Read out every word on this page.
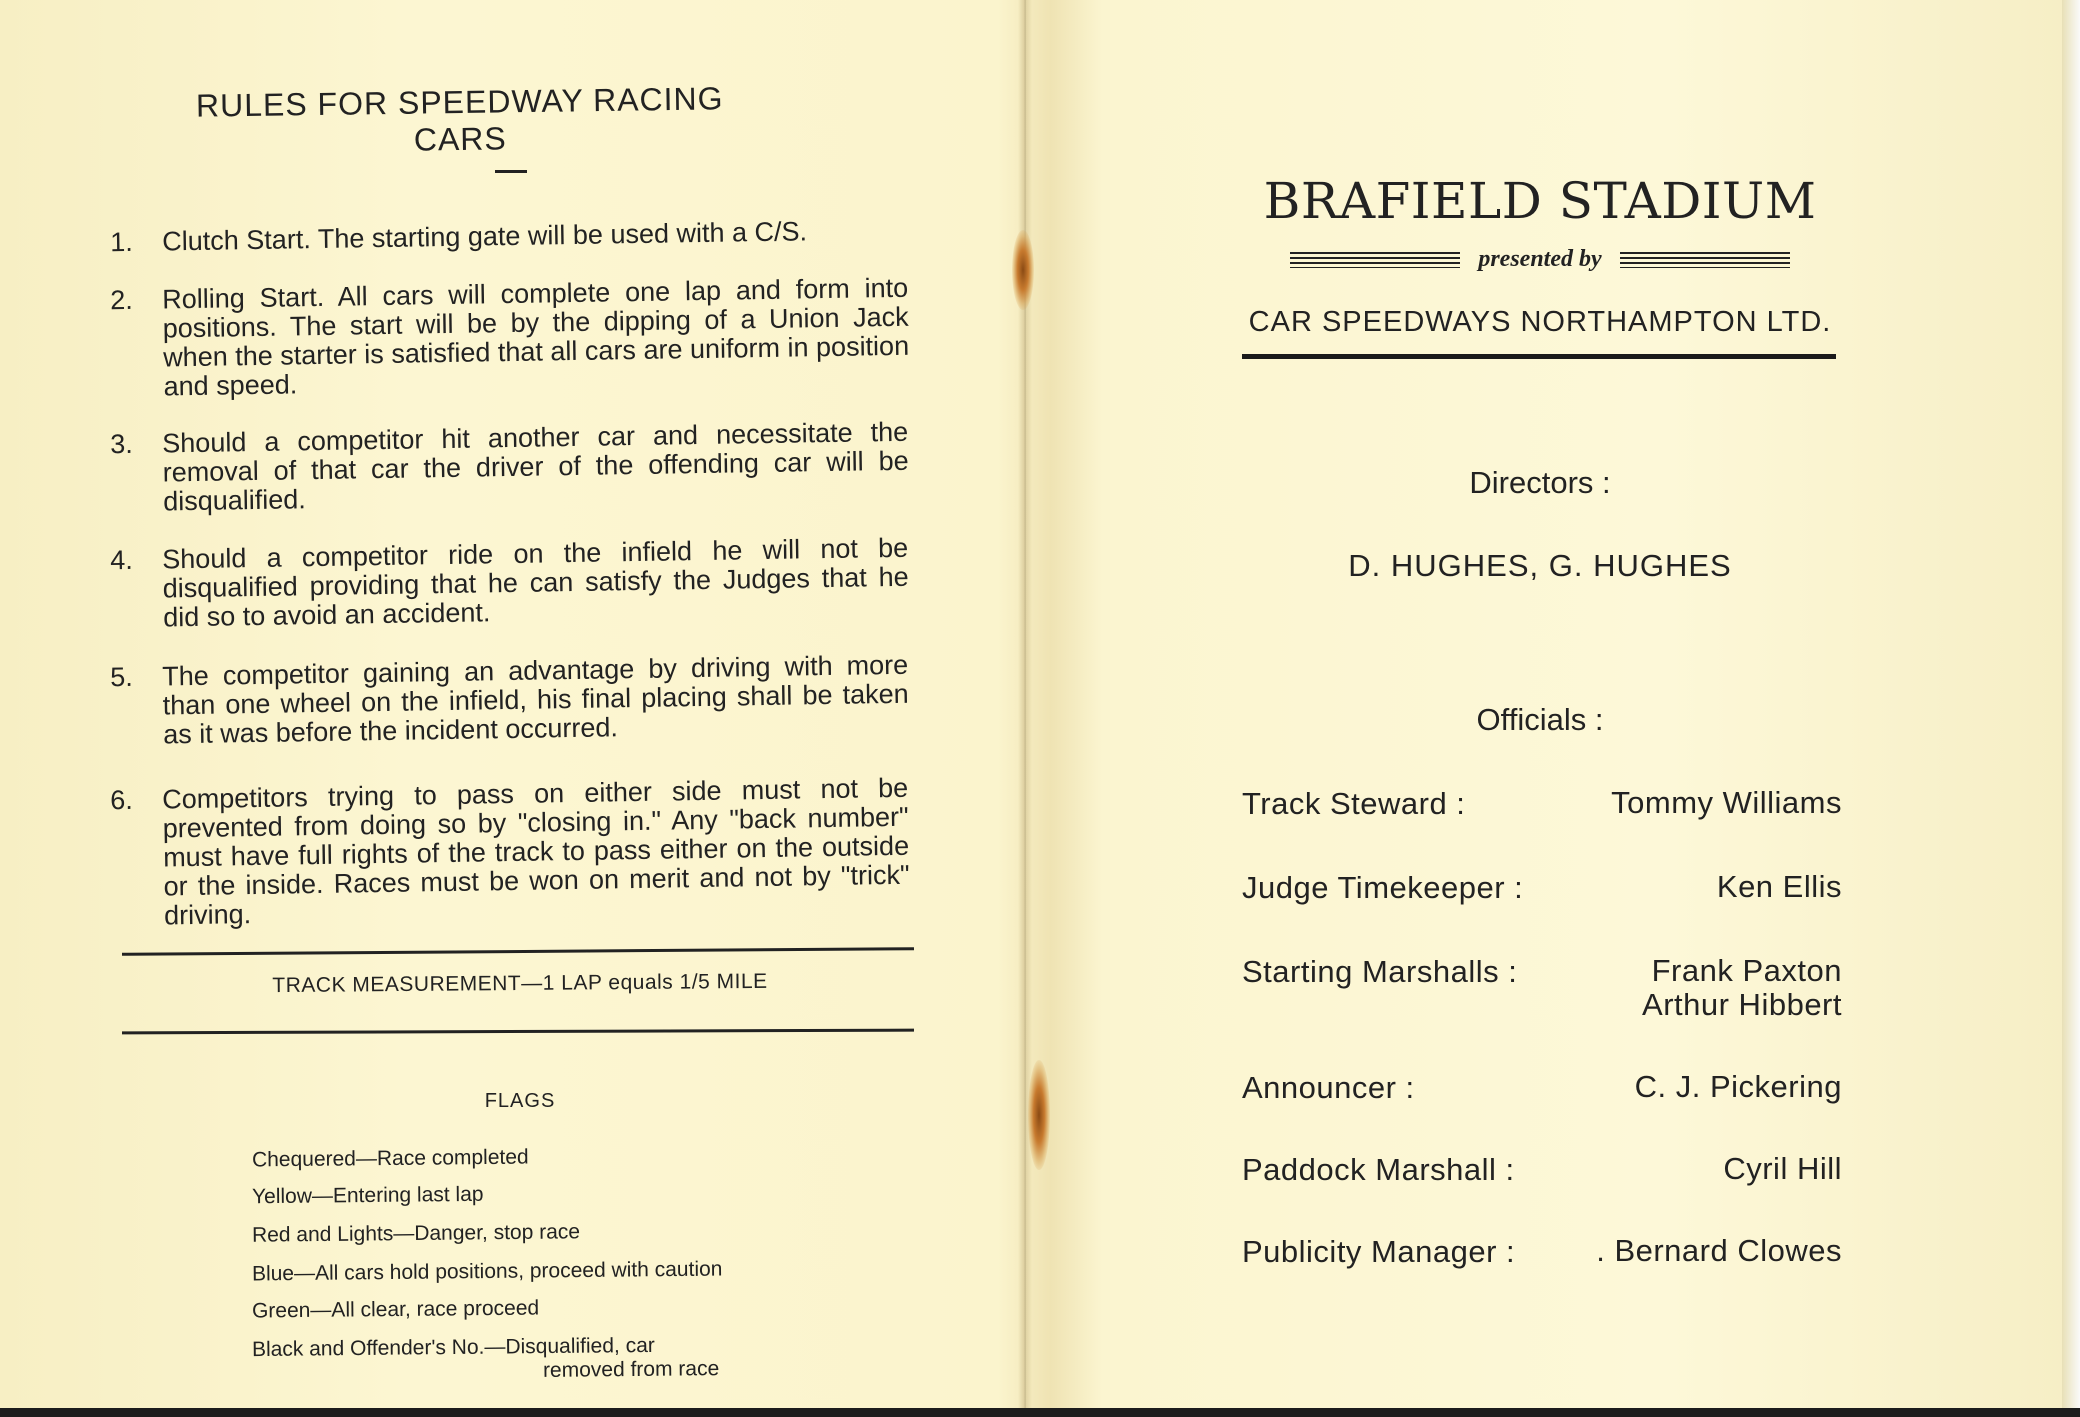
RULES FOR SPEEDWAY RACING CARS
1.	Clutch Start. The starting gate will be used with a C/S.
2.	Rolling Start. All cars will complete one lap and form into positions. The start will be by the dipping of a Union Jack when the starter is satisfied that all cars are uniform in position and speed.
3.	Should a competitor hit another car and necessitate the removal of that car the driver of the offending car will be disqualified.
4.	Should a competitor ride on the infield he will not be disqualified providing that he can satisfy the Judges that he did so to avoid an accident.
5.	The competitor gaining an advantage by driving with more than one wheel on the infield, his final placing shall be taken as it was before the incident occurred.
6.	Competitors trying to pass on either side must not be prevented from doing so by "closing in." Any "back number" must have full rights of the track to pass either on the outside or the inside. Races must be won on merit and not by "trick" driving.
TRACK MEASUREMENT—1 LAP equals 1/5 MILE
FLAGS
Chequered—Race completed
Yellow—Entering last lap
Red and Lights—Danger, stop race
Blue—All cars hold positions, proceed with caution
Green—All clear, race proceed
Black and Offender's No.—Disqualified, car
removed from race
BRAFIELD STADIUM
presented by
CAR SPEEDWAYS NORTHAMPTON LTD.
Directors :
D. HUGHES, G. HUGHES
Officials :
Track Steward :	Tommy Williams
Judge Timekeeper :	Ken Ellis
Starting Marshalls :	Frank Paxton
Arthur Hibbert
Announcer :	C. J. Pickering
Paddock Marshall :	Cyril Hill
Publicity Manager :	. Bernard Clowes
